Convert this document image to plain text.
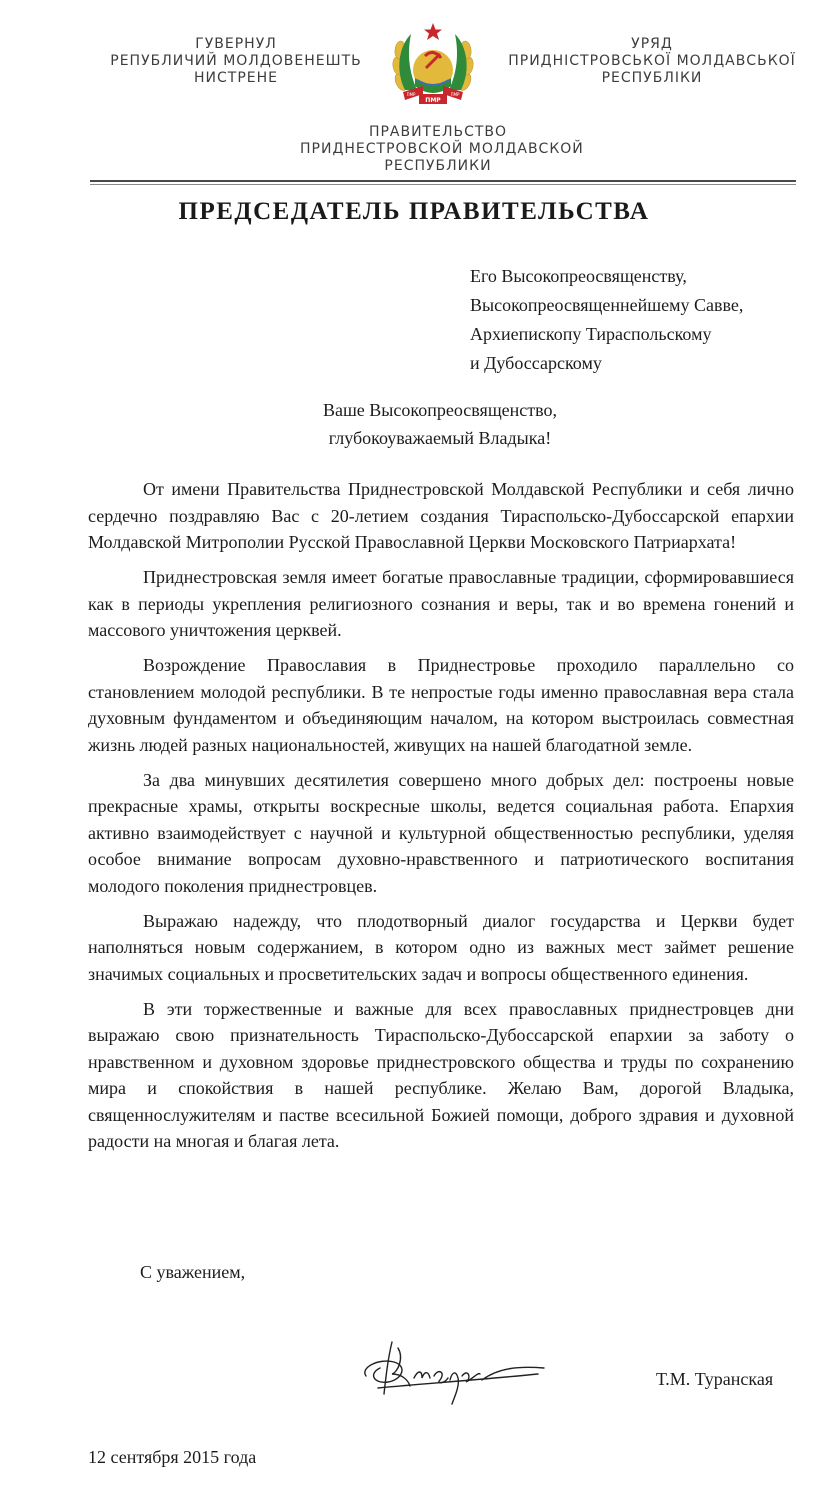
ГУВЕРНУЛ
РЕПУБЛИЧИЙ МОЛДОВЕНЕШТЬ
НИСТРЕНЕ
ПМР
ПМР	ПМР
УРЯД
ПРИДНІСТРОВСЬКОЇ МОЛДАВСЬКОЇ
РЕСПУБЛІКИ
ПРАВИТЕЛЬСТВО
ПРИДНЕСТРОВСКОЙ МОЛДАВСКОЙ
РЕСПУБЛИКИ
ПРЕДСЕДАТЕЛЬ ПРАВИТЕЛЬСТВА
Его Высокопреосвященству,
Высокопреосвященнейшему Савве,
Архиепископу Тираспольскому
и Дубоссарскому
Ваше Высокопреосвященство,
глубокоуважаемый Владыка!

От имени Правительства Приднестровской Молдавской Республики и себя лично сердечно поздравляю Вас с 20-летием создания Тираспольско-Дубоссарской епархии Молдавской Митрополии Русской Православной Церкви Московского Патриархата!

Приднестровская земля имеет богатые православные традиции, сформировавшиеся как в периоды укрепления религиозного сознания и веры, так и во времена гонений и массового уничтожения церквей.

Возрождение Православия в Приднестровье проходило параллельно со становлением молодой республики. В те непростые годы именно православная вера стала духовным фундаментом и объединяющим началом, на котором выстроилась совместная жизнь людей разных национальностей, живущих на нашей благодатной земле.

За два минувших десятилетия совершено много добрых дел: построены новые прекрасные храмы, открыты воскресные школы, ведется социальная работа. Епархия активно взаимодействует с научной и культурной общественностью республики, уделяя особое внимание вопросам духовно-нравственного и патриотического воспитания молодого поколения приднестровцев.

Выражаю надежду, что плодотворный диалог государства и Церкви будет наполняться новым содержанием, в котором одно из важных мест займет решение значимых социальных и просветительских задач и вопросы общественного единения.

В эти торжественные и важные для всех православных приднестровцев дни выражаю свою признательность Тираспольско-Дубоссарской епархии за заботу о нравственном и духовном здоровье приднестровского общества и труды по сохранению мира и спокойствия в нашей республике. Желаю Вам, дорогой Владыка, священнослужителям и пастве всесильной Божией помощи, доброго здравия и духовной радости на многая и благая лета.

С уважением,
Т.М. Туранская
12 сентября 2015 года
